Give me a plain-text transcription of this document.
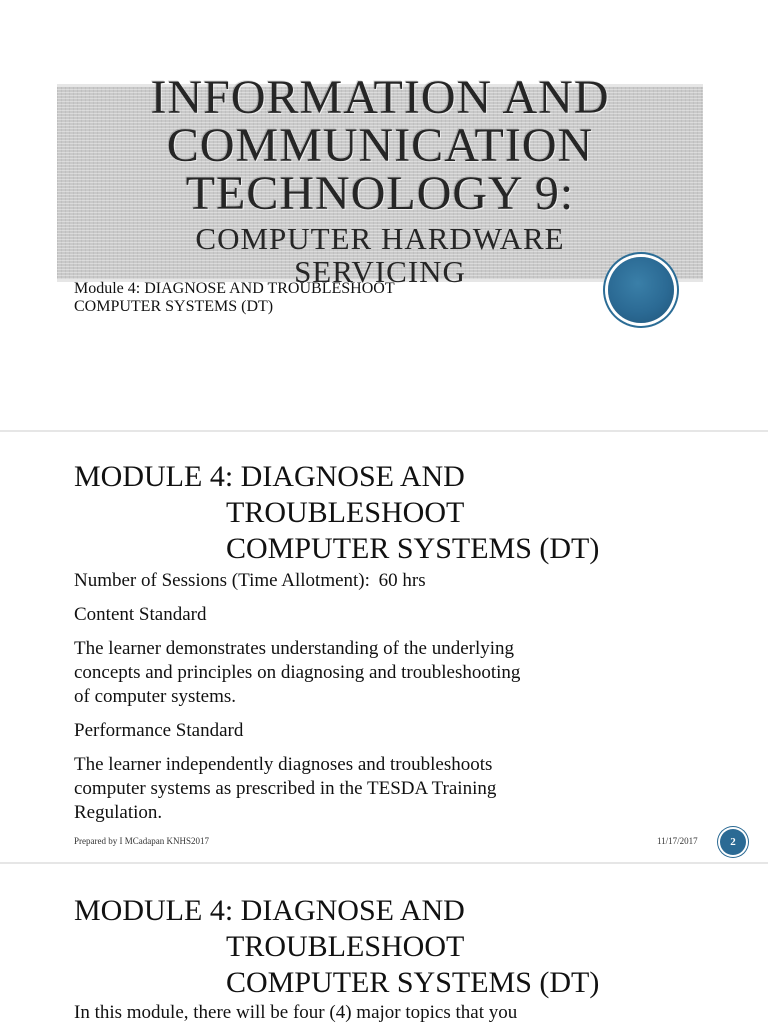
INFORMATION AND
COMMUNICATION
TECHNOLOGY 9:
COMPUTER HARDWARE
SERVICING
Module 4: DIAGNOSE AND TROUBLESHOOT
COMPUTER SYSTEMS (DT)
MODULE 4: DIAGNOSE AND
TROUBLESHOOT
COMPUTER SYSTEMS (DT)
Number of Sessions (Time Allotment): 60 hrs
Content Standard
The learner demonstrates understanding of the underlying
concepts and principles on diagnosing and troubleshooting
of computer systems.
Performance Standard
The learner independently diagnoses and troubleshoots
computer systems as prescribed in the TESDA Training
Regulation.
Prepared by I MCadapan KNHS2017	11/17/2017	2
MODULE 4: DIAGNOSE AND
TROUBLESHOOT
COMPUTER SYSTEMS (DT)
In this module, there will be four (4) major topics that you
